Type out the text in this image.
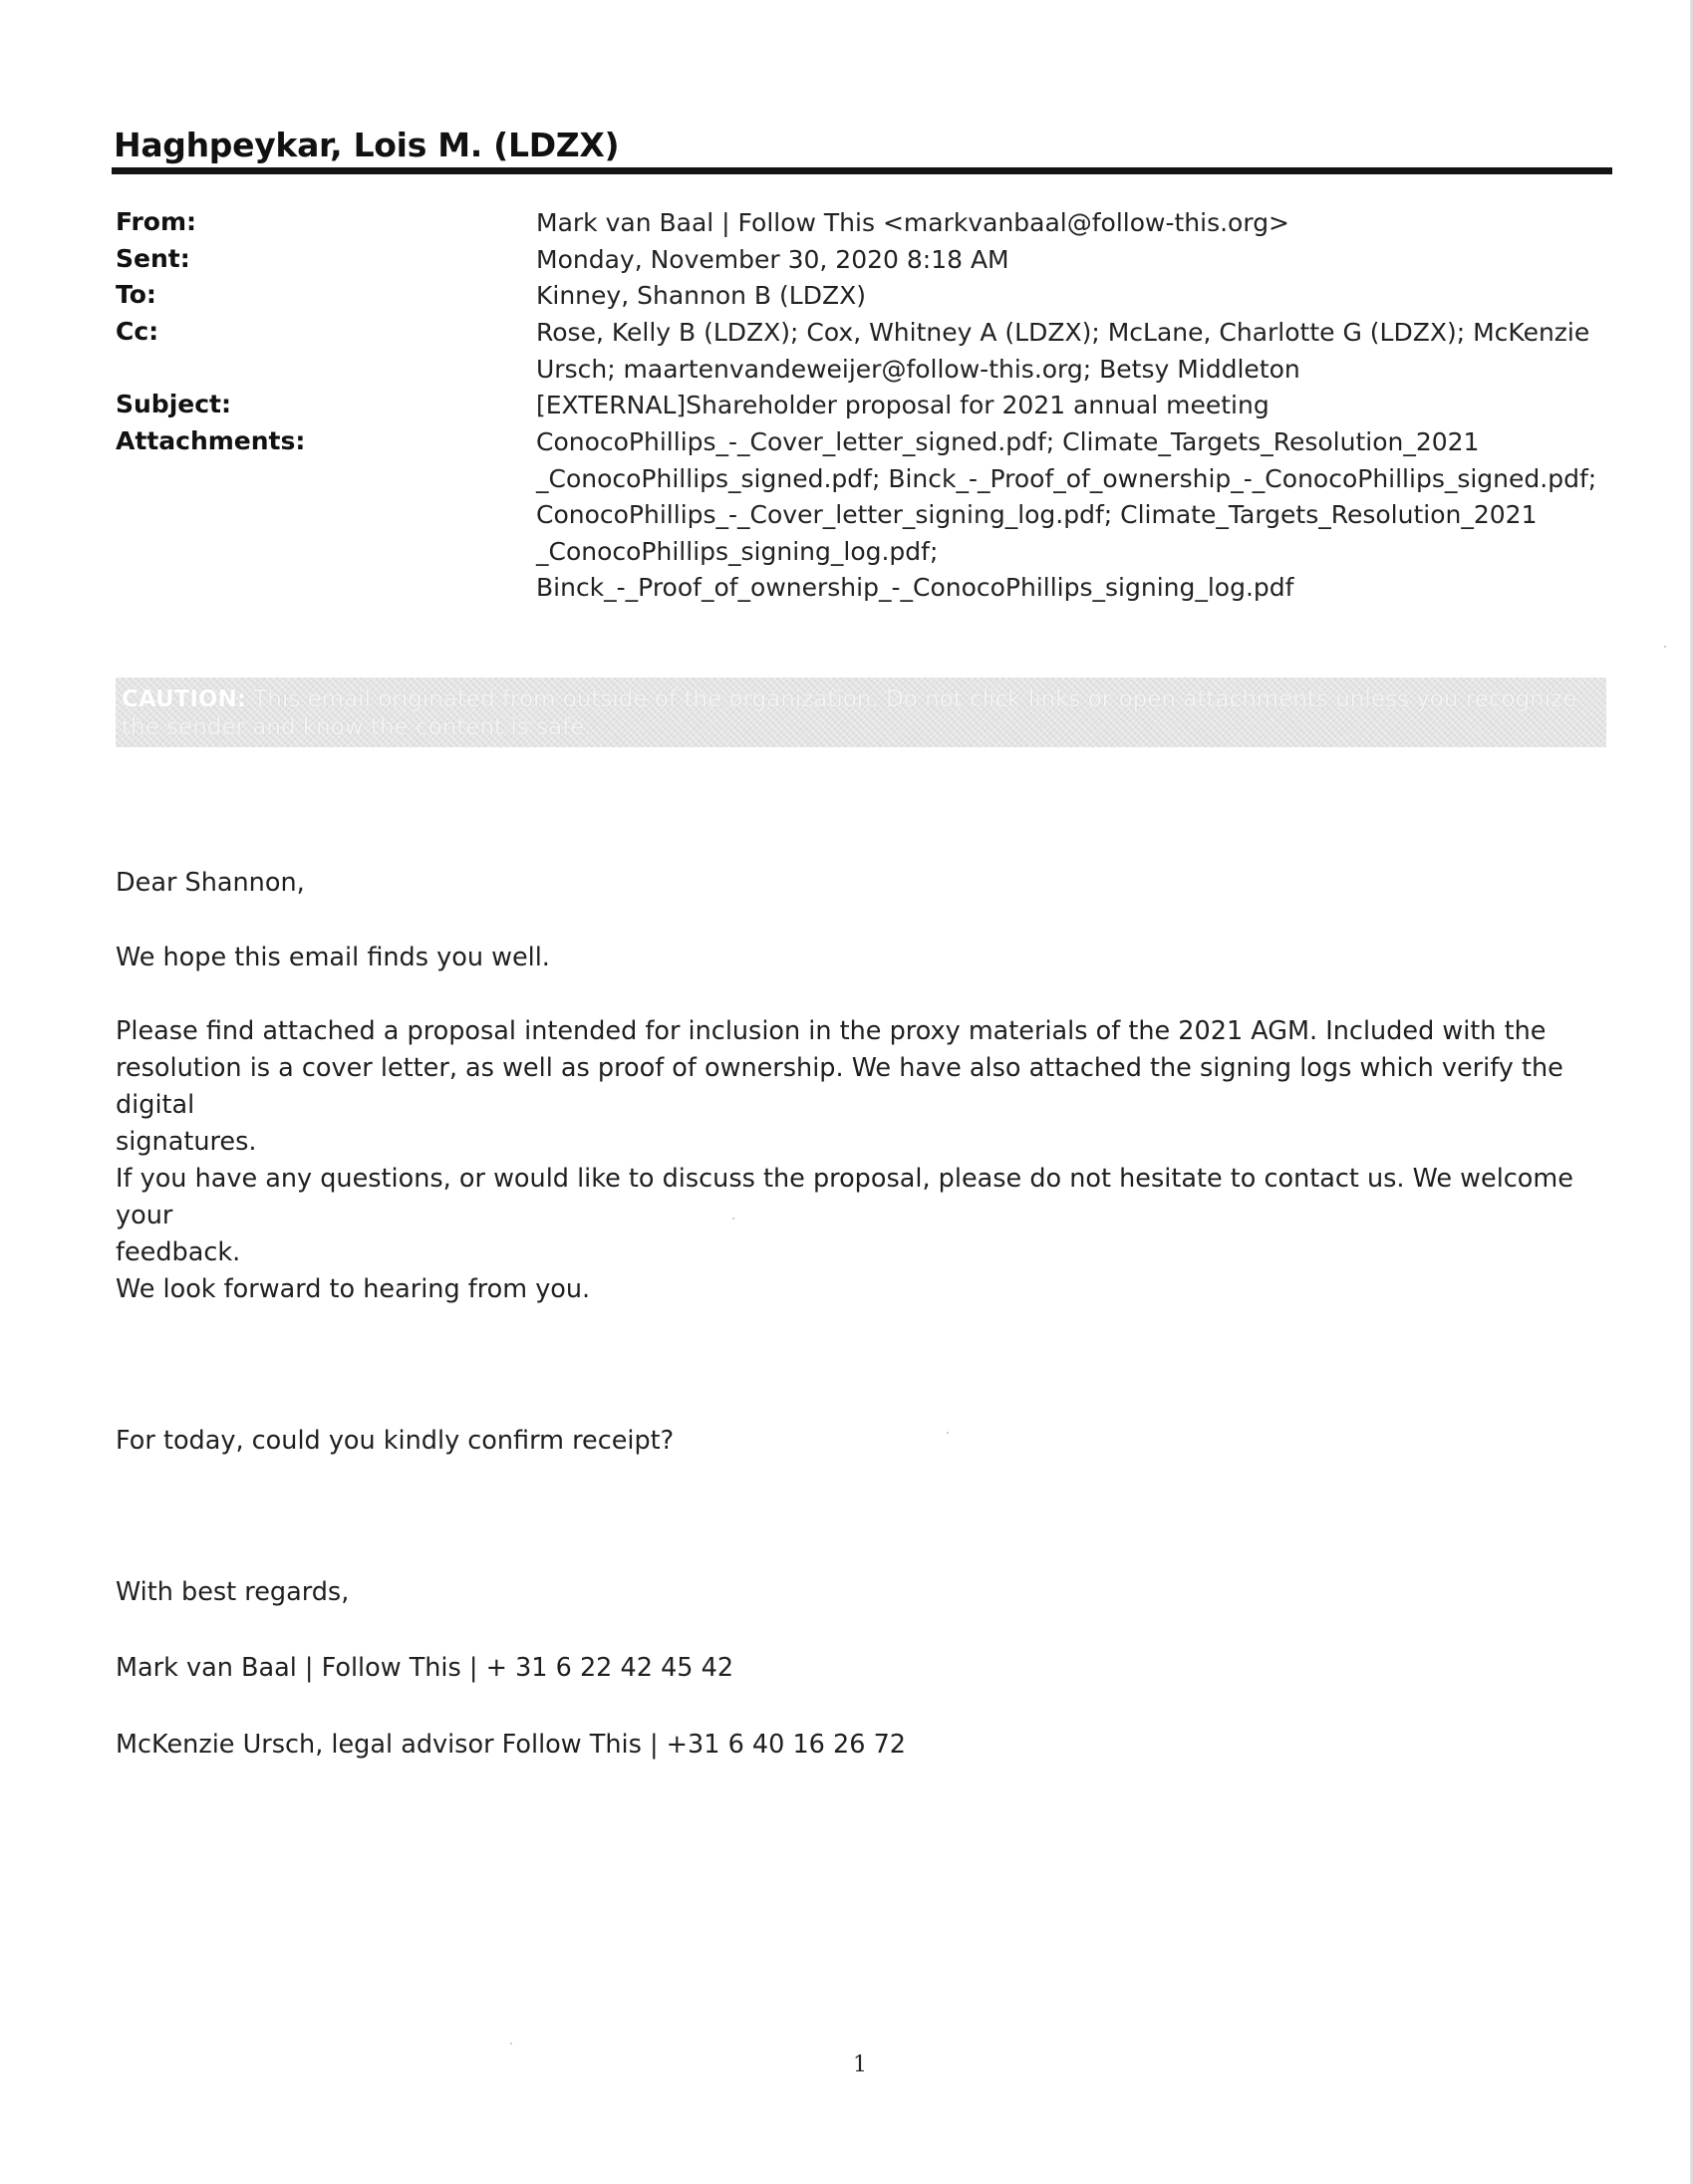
Haghpeykar, Lois M. (LDZX)
From:	Mark van Baal | Follow This <markvanbaal@follow-this.org>
Sent:	Monday, November 30, 2020 8:18 AM
To:	Kinney, Shannon B (LDZX)
Cc:	Rose, Kelly B (LDZX); Cox, Whitney A (LDZX); McLane, Charlotte G (LDZX); McKenzie
Ursch; maartenvandeweijer@follow-this.org; Betsy Middleton
Subject:	[EXTERNAL]Shareholder proposal for 2021 annual meeting
Attachments:	ConocoPhillips_-_Cover_letter_signed.pdf; Climate_Targets_Resolution_2021
_ConocoPhillips_signed.pdf; Binck_-_Proof_of_ownership_-_ConocoPhillips_signed.pdf;
ConocoPhillips_-_Cover_letter_signing_log.pdf; Climate_Targets_Resolution_2021
_ConocoPhillips_signing_log.pdf;
Binck_-_Proof_of_ownership_-_ConocoPhillips_signing_log.pdf
CAUTION: This email originated from outside of the organization. Do not click links or open attachments unless you recognize the sender and know the content is safe.
Dear Shannon,
We hope this email finds you well.
Please find attached a proposal intended for inclusion in the proxy materials of the 2021 AGM. Included with the
resolution is a cover letter, as well as proof of ownership. We have also attached the signing logs which verify the digital
signatures.
If you have any questions, or would like to discuss the proposal, please do not hesitate to contact us. We welcome your
feedback.
We look forward to hearing from you.
For today, could you kindly confirm receipt?
With best regards,
Mark van Baal | Follow This | + 31 6 22 42 45 42
McKenzie Ursch, legal advisor Follow This | +31 6 40 16 26 72
1
